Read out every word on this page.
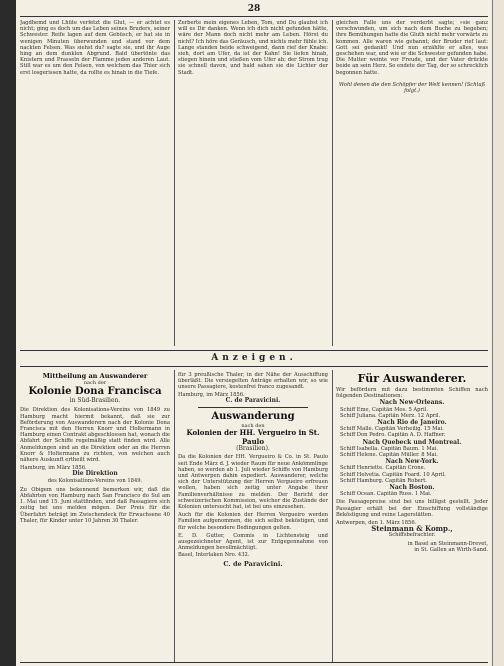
28
Jagdhemd und Lhüte verfetzt die Glut, — er achtet es nicht; ging es doch um das Leben seines Bruders, seiner Schwester. Reife lagen auf dem Gebüsch, er hat sie in wenigen Minuten überwunden und stand vor dem nackten Felsen. Was siehst du? sagte sie, und ihr Auge hing an dem dunklen Abgrund. Bald übertönte das Knistern und Prasseln der Flamme jeden anderen Laut. Still war es um den Felsen, von welchem das Thier sich erst losgerissen hatte, da rollte es hinab in die Tiefe.
Zerberte mein eigenes Leben, Tom, und Du glaubst ich will es Dir danken. Wenn ich dich nicht gefunden hätte, wäre der Mann doch nicht mehr am Leben. Hörst du nicht? Ich höre das Geräusch, und nichts mehr fühle ich. Lange standen beide schweigend, dann rief der Knabe: sieh, dort am Ufer, da ist der Kahn! Sie liefen hinab, stiegen hinein und stießen vom Ufer ab; der Strom trug sie schnell davon, und bald sahen sie die Lichter der Stadt.
gleichen Falle uns der verderbt sagte; »sie ganz verschwunden, um sich nach dem Buche zu begeben; ihre Bemühungen hatte die Gluth nicht mehr vorwärts zu kommen. Alle waren wie gebannt; der Bruder rief laut: Gott sei gedankt! Und nun erzählte er alles, was geschehen war, und wie er die Schwester gefunden habe. Die Mutter weinte vor Freude, und der Vater drückte beide an sein Herz. So endete der Tag, der so schrecklich begonnen hatte.
Wohl denen die den Schöpfer der Welt kennen! (Schluß folgt.)
Anzeigen.
Mittheilung an Auswanderer
nach der
Kolonie Dona Francisca
in Süd-Brasilien.
Die Direktion des Kolonisations-Vereins von 1849 zu Hamburg macht hiermit bekannt, daß sie zur Beförderung von Auswanderern nach der Kolonie Dona Francisca mit den Herren Knorr und Holtermann in Hamburg einen Contrakt abgeschlossen hat, wonach die Abfahrt der Schiffe regelmäßig statt finden wird. Alle Anmeldungen sind an die Direktion oder an die Herren Knorr & Holtermann zu richten, von welchen auch nähere Auskunft ertheilt wird.
Hamburg, im März 1856.
Die Direktion
des Kolonisations-Vereins von 1849.
Zu Obigem uns bekennend bemerken wir, daß die Abfahrten von Hamburg nach San Francisco do Sul am 1. Mai und 15. Juni stattfinden, und daß Passagiere sich zeitig bei uns melden mögen. Der Preis für die Überfahrt beträgt im Zwischendeck für Erwachsene 40 Thaler, für Kinder unter 10 Jahren 30 Thaler.
für 3 preußische Thaler, in der Nähe der Ausschiffung überläßt. Die versiegelten Anträge erhalten wir, so wie unsere Passagiere, kostenfrei franco zugesandt.
Hamburg, im März 1856.
C. de Paravicini.
Auswanderung
nach den
Kolonien der HH. Vergueiro in St. Paulo
(Brasilien).
Da die Kolonien der HH. Vergueiro & Co. in St. Paulo seit Ende März d. J. wieder Raum für neue Ankömmlinge haben, so werden ab 1. Juli wieder Schiffe von Hamburg und Antwerpen dahin expediert. Auswanderer, welche sich der Unterstützung der Herren Vergueiro erfreuen wollen, haben sich zeitig unter Angabe ihrer Familienverhältnisse zu melden. Der Bericht der schweizerischen Kommission, welcher die Zustände der Kolonien untersucht hat, ist bei uns einzusehen.
Auch für die Kolonien der Herren Vergueiro werden Familien aufgenommen, die sich selbst beköstigen, und für welche besondere Bedingungen gelten.
E. D. Gutter, Commis in Lichtensteig und ausgezeichneter Agent, ist zur Entgegennahme von Anmeldungen bevollmächtigt.
Basel, Interlaken Nro. 432.
C. de Paravicini.
Für Auswanderer.
Wir befördern mit dazu bestimmten Schiffen nach folgenden Destinationen:
Nach New-Orleans.
Schiff Eme, Capitän Mos. 5 April.
Schiff Juliana. Capitän Merz. 12 April.
Nach Rio de Janeiro.
Schiff Malle. Capitän Verheilig. 15 Mai.
Schiff Don Pedro. Capitän A. D. Haffner.
Nach Quebeck und Montreal.
Schiff Isabella. Capitän Baum. 1 Mai.
Schiff Helene. Capitän Müller. 8 Mai.
Nach New-York.
Schiff Henriette. Capitän Crone.
Schiff Helvetia. Capitän Foard. 10 April.
Schiff Hamburg. Capitän Robert.
Nach Boston.
Schiff Ocean. Capitän Russ. 1 Mai.
Die Passagepreise sind bei uns billigst gestellt. Jeder Passagier erhält bei der Einschiffung vollständige Beköstigung und reine Lagerstätten.
Antwerpen, den 1. März 1856.
Steinmann & Komp.,
Schiffsbefrachter.
in Basel an Steinmann-Drevet,
in St. Gallen an Wirth-Sand.
